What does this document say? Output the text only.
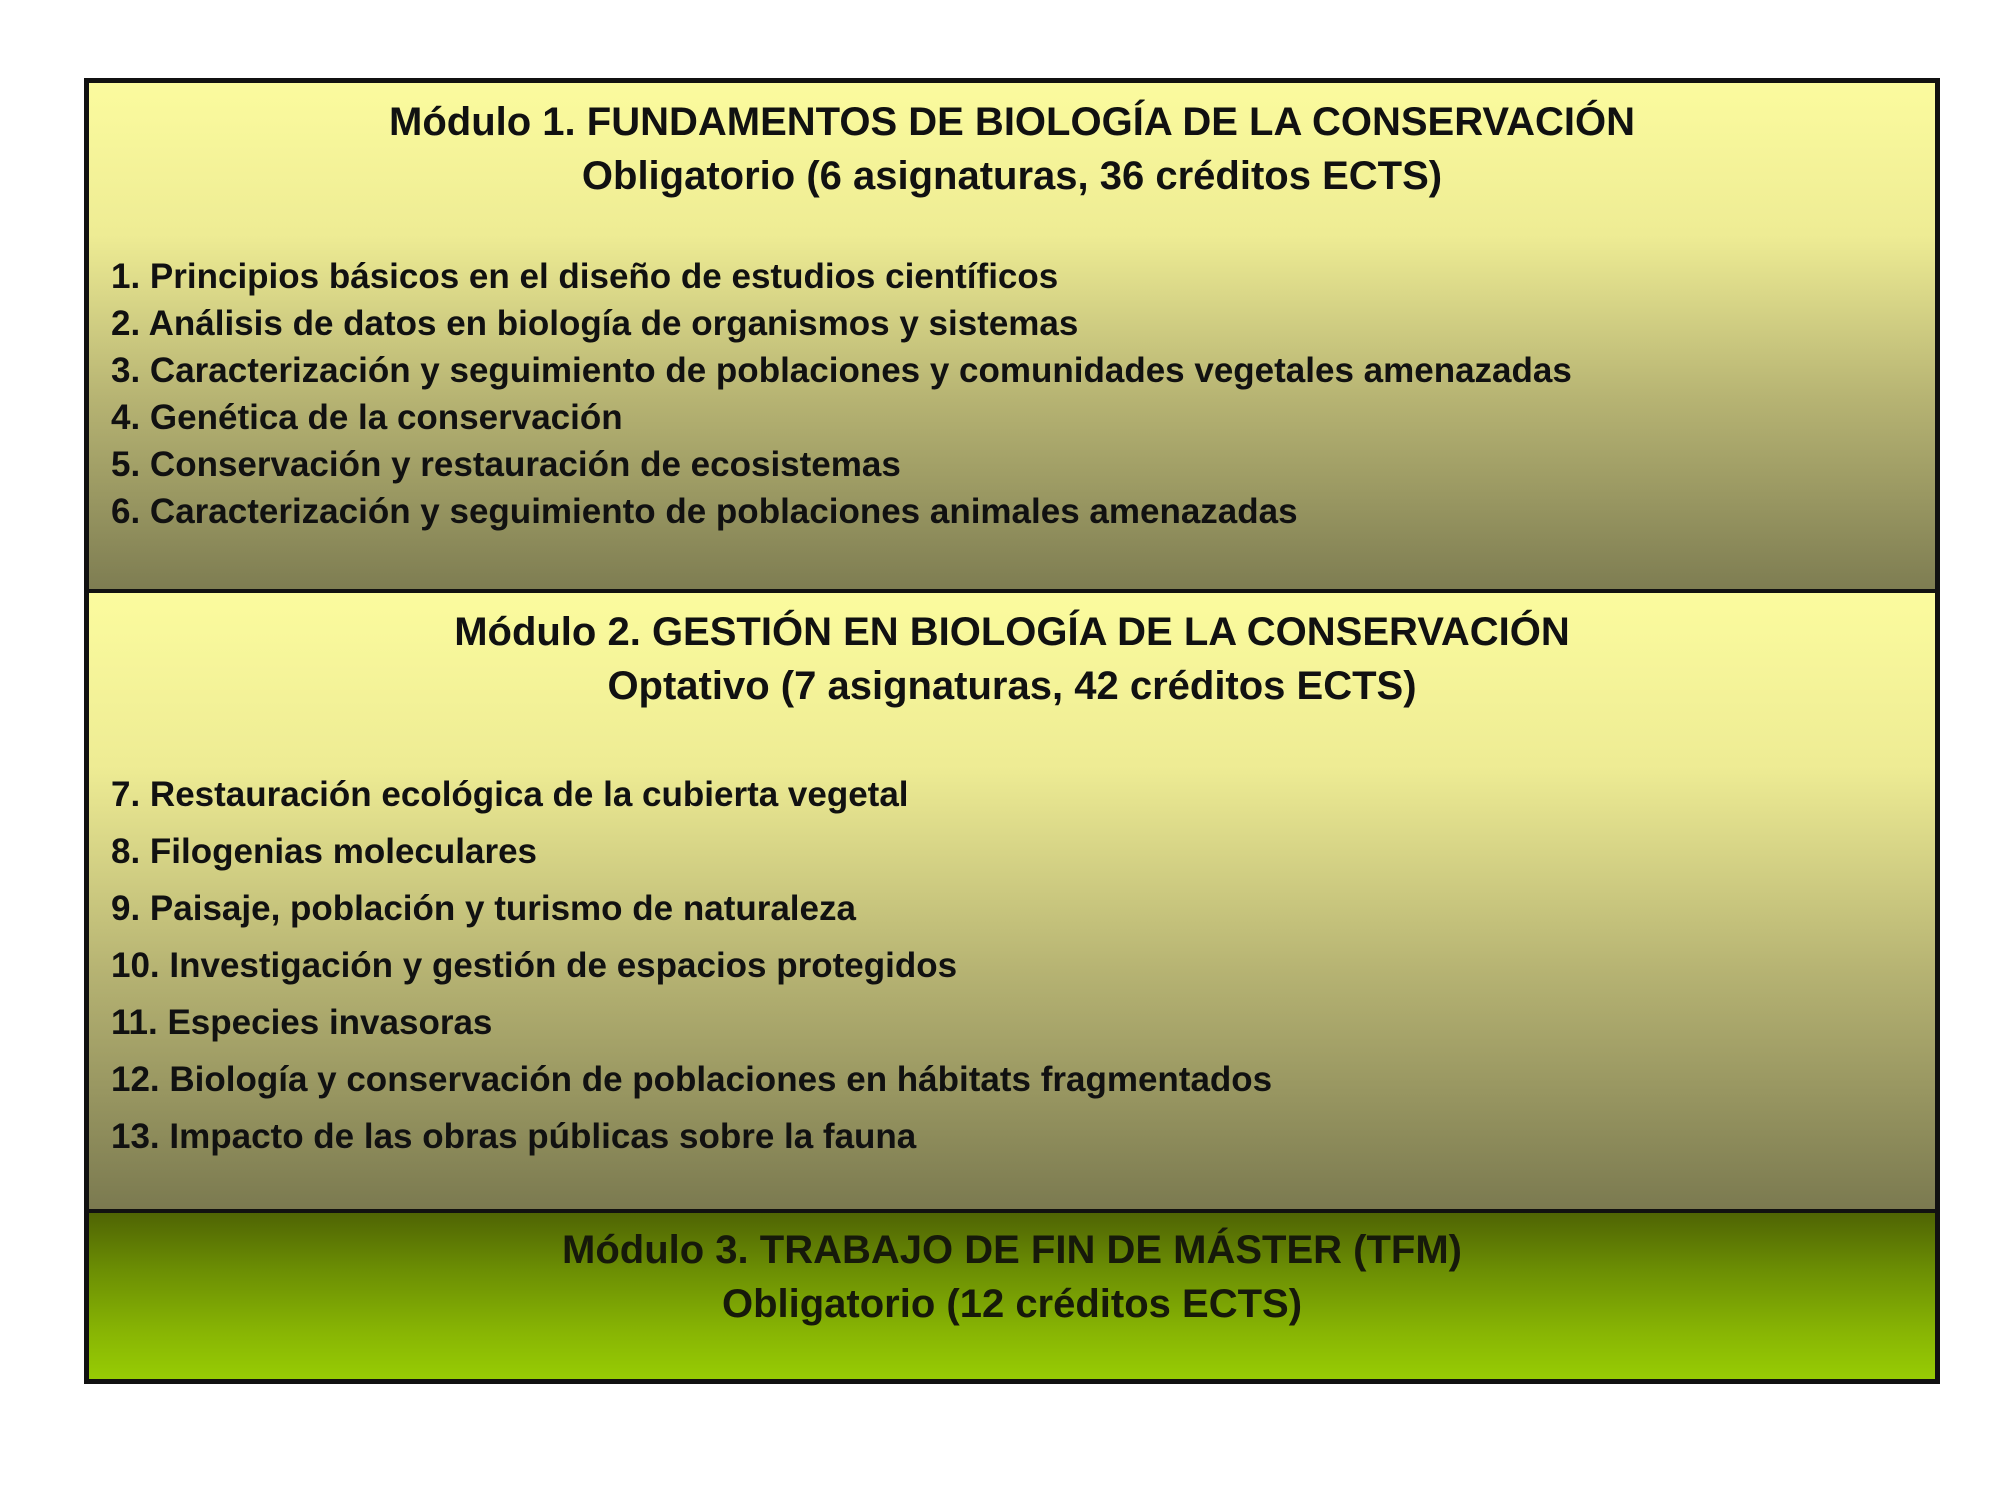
Módulo 1. FUNDAMENTOS DE BIOLOGÍA DE LA CONSERVACIÓN

Obligatorio (6 asignaturas, 36 créditos ECTS)

1. Principios básicos en el diseño de estudios científicos
2. Análisis de datos en biología de organismos y sistemas
3. Caracterización y seguimiento de poblaciones y comunidades vegetales amenazadas
4. Genética de la conservación
5. Conservación y restauración de ecosistemas
6. Caracterización y seguimiento de poblaciones animales amenazadas

Módulo 2. GESTIÓN EN BIOLOGÍA DE LA CONSERVACIÓN

Optativo (7 asignaturas, 42 créditos ECTS)

7. Restauración ecológica de la cubierta vegetal
8. Filogenias moleculares
9. Paisaje, población y turismo de naturaleza
10. Investigación y gestión de espacios protegidos
11. Especies invasoras
12. Biología y conservación de poblaciones en hábitats fragmentados
13. Impacto de las obras públicas sobre la fauna

Módulo 3. TRABAJO DE FIN DE MÁSTER (TFM)

Obligatorio (12 créditos ECTS)
